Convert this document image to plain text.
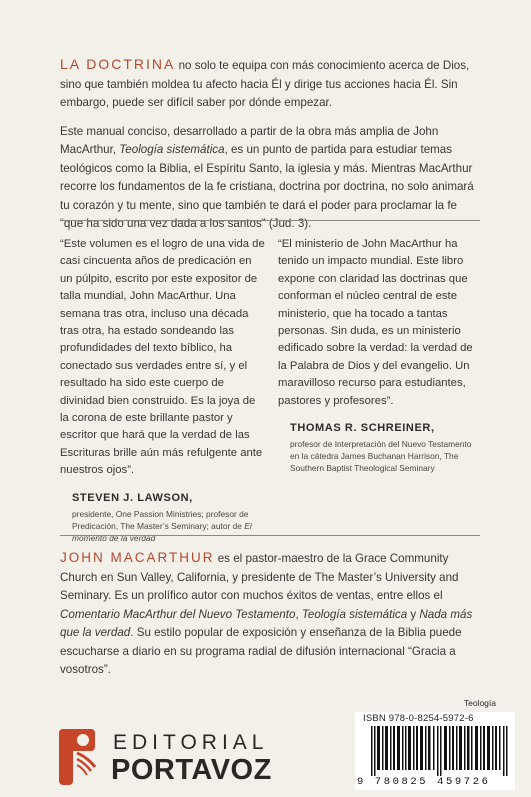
LA DOCTRINA no solo te equipa con más conocimiento acerca de Dios, sino que también moldea tu afecto hacia Él y dirige tus acciones hacia Él. Sin embargo, puede ser difícil saber por dónde empezar.

Este manual conciso, desarrollado a partir de la obra más amplia de John MacArthur, Teología sistemática, es un punto de partida para estudiar temas teológicos como la Biblia, el Espíritu Santo, la iglesia y más. Mientras MacArthur recorre los fundamentos de la fe cristiana, doctrina por doctrina, no solo animará tu corazón y tu mente, sino que también te dará el poder para proclamar la fe “que ha sido una vez dada a los santos” (Jud. 3).

“Este volumen es el logro de una vida de casi cincuenta años de predicación en un púlpito, escrito por este expositor de talla mundial, John MacArthur. Una semana tras otra, incluso una década tras otra, ha estado sondeando las profundidades del texto bíblico, ha conectado sus verdades entre sí, y el resultado ha sido este cuerpo de divinidad bien construido. Es la joya de la corona de este brillante pastor y escritor que hará que la verdad de las Escrituras brille aún más refulgente ante nuestros ojos”.

STEVEN J. LAWSON,
presidente, One Passion Ministries; profesor de Predicación, The Master’s Seminary; autor de El momento de la verdad

“El ministerio de John MacArthur ha tenido un impacto mundial. Este libro expone con claridad las doctrinas que conforman el núcleo central de este ministerio, que ha tocado a tantas personas. Sin duda, es un ministerio edificado sobre la verdad: la verdad de la Palabra de Dios y del evangelio. Un maravilloso recurso para estudiantes, pastores y profesores”.

THOMAS R. SCHREINER,
profesor de Interpretación del Nuevo Testamento en la cátedra James Buchanan Harrison, The Southern Baptist Theological Seminary

JOHN MACARTHUR es el pastor-maestro de la Grace Community Church en Sun Valley, California, y presidente de The Master’s University and Seminary. Es un prolífico autor con muchos éxitos de ventas, entre ellos el Comentario MacArthur del Nuevo Testamento, Teología sistemática y Nada más que la verdad. Su estilo popular de exposición y enseñanza de la Biblia puede escucharse a diario en su programa radial de difusión internacional “Gracia a vosotros”.

Teología
ISBN 978-0-8254-5972-6
9 780825 459726
EDITORIAL
PORTAVOZ
